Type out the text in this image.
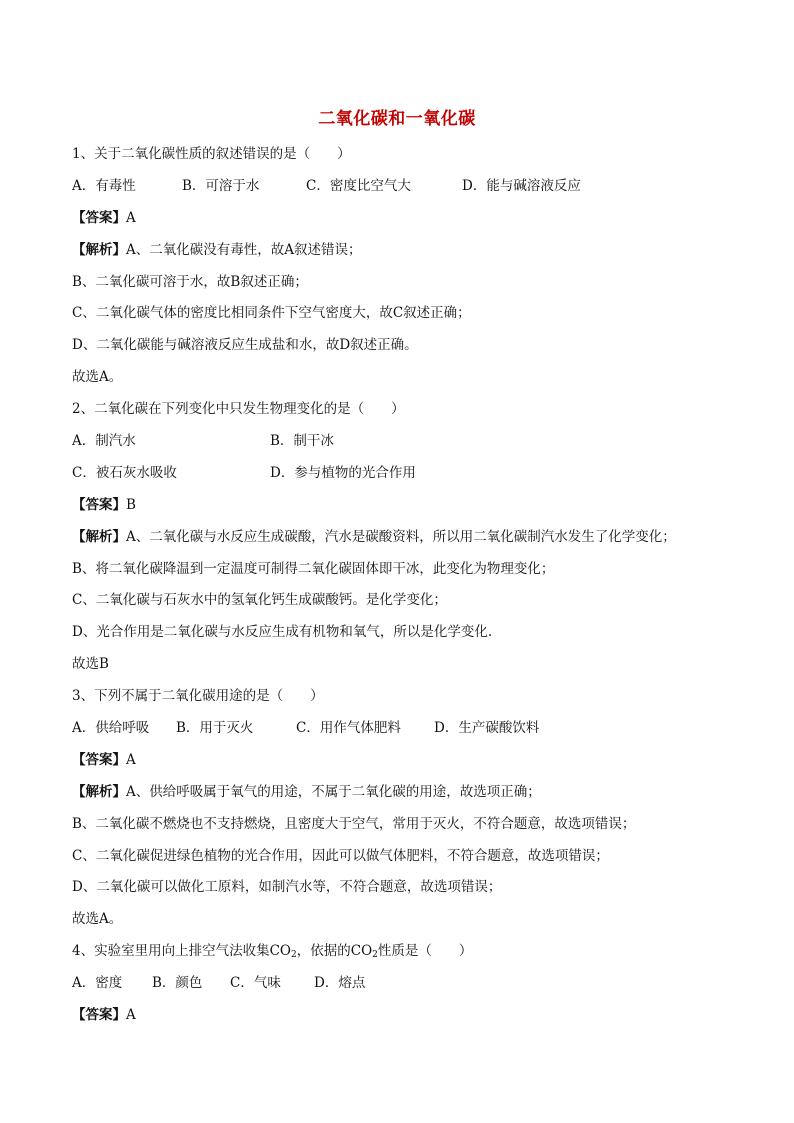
二氧化碳和一氧化碳
1、关于二氧化碳性质的叙述错误的是（　　）
A．有毒性	B．可溶于水	C．密度比空气大	D．能与碱溶液反应
【答案】A
【解析】A、二氧化碳没有毒性，故A叙述错误；
B、二氧化碳可溶于水，故B叙述正确；
C、二氧化碳气体的密度比相同条件下空气密度大，故C叙述正确；
D、二氧化碳能与碱溶液反应生成盐和水，故D叙述正确。
故选A。
2、二氧化碳在下列变化中只发生物理变化的是（　　）
A．制汽水	B．制干冰
C．被石灰水吸收	D．参与植物的光合作用
【答案】B
【解析】A、二氧化碳与水反应生成碳酸，汽水是碳酸资料，所以用二氧化碳制汽水发生了化学变化；
B、将二氧化碳降温到一定温度可制得二氧化碳固体即干冰，此变化为物理变化；
C、二氧化碳与石灰水中的氢氧化钙生成碳酸钙。是化学变化；
D、光合作用是二氧化碳与水反应生成有机物和氧气，所以是化学变化.
故选B
3、下列不属于二氧化碳用途的是（　　）
A．供给呼吸 B．用于灭火	C．用作气体肥料 D．生产碳酸饮料
【答案】A
【解析】A、供给呼吸属于氧气的用途，不属于二氧化碳的用途，故选项正确；
B、二氧化碳不燃烧也不支持燃烧，且密度大于空气，常用于灭火，不符合题意，故选项错误；
C、二氧化碳促进绿色植物的光合作用，因此可以做气体肥料，不符合题意，故选项错误；
D、二氧化碳可以做化工原料，如制汽水等，不符合题意，故选项错误；
故选A。
4、实验室里用向上排空气法收集$CO_2$，依据的$CO_2$性质是（　　）
A．密度 B．颜色 C．气味 D．熔点
【答案】A
